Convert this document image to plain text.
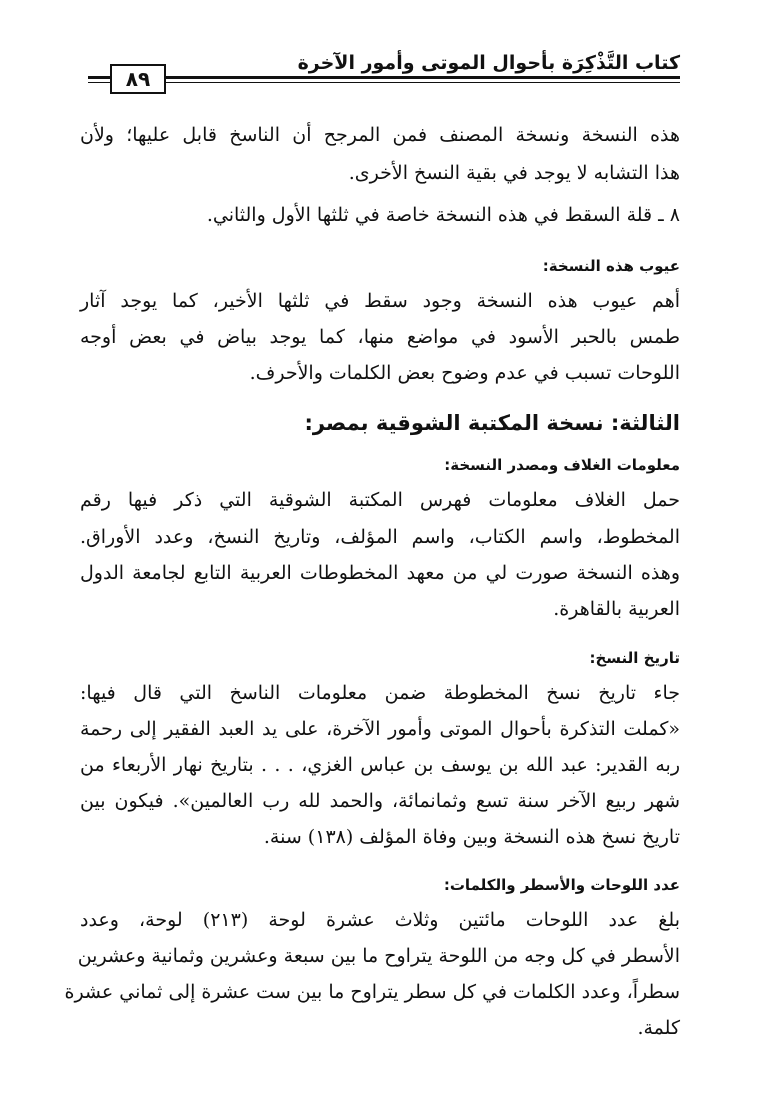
كتاب التَّذْكِرَة بأحوال الموتى وأمور الآخرة
٨٩
هذه النسخة ونسخة المصنف فمن المرجح أن الناسخ قابل عليها؛ ولأن
هذا التشابه لا يوجد في بقية النسخ الأخرى.
٨ ـ قلة السقط في هذه النسخة خاصة في ثلثها الأول والثاني.
عيوب هذه النسخة:
أهم عيوب هذه النسخة وجود سقط في ثلثها الأخير، كما يوجد آثار
طمس بالحبر الأسود في مواضع منها، كما يوجد بياض في بعض أوجه
اللوحات تسبب في عدم وضوح بعض الكلمات والأحرف.
الثالثة: نسخة المكتبة الشوقية بمصر:
معلومات الغلاف ومصدر النسخة:
حمل الغلاف معلومات فهرس المكتبة الشوقية التي ذكر فيها رقم
المخطوط، واسم الكتاب، واسم المؤلف، وتاريخ النسخ، وعدد الأوراق.
وهذه النسخة صورت لي من معهد المخطوطات العربية التابع لجامعة الدول
العربية بالقاهرة.
تاريخ النسخ:
جاء تاريخ نسخ المخطوطة ضمن معلومات الناسخ التي قال فيها:
«كملت التذكرة بأحوال الموتى وأمور الآخرة، على يد العبد الفقير إلى رحمة
ربه القدير: عبد الله بن يوسف بن عباس الغزي، . . . بتاريخ نهار الأربعاء من
شهر ربيع الآخر سنة تسع وثمانمائة، والحمد لله رب العالمين». فيكون بين
تاريخ نسخ هذه النسخة وبين وفاة المؤلف (١٣٨) سنة.
عدد اللوحات والأسطر والكلمات:
بلغ عدد اللوحات مائتين وثلاث عشرة لوحة (٢١٣) لوحة، وعدد
الأسطر في كل وجه من اللوحة يتراوح ما بين سبعة وعشرين وثمانية وعشرين
سطراً، وعدد الكلمات في كل سطر يتراوح ما بين ست عشرة إلى ثماني عشرة
كلمة.
